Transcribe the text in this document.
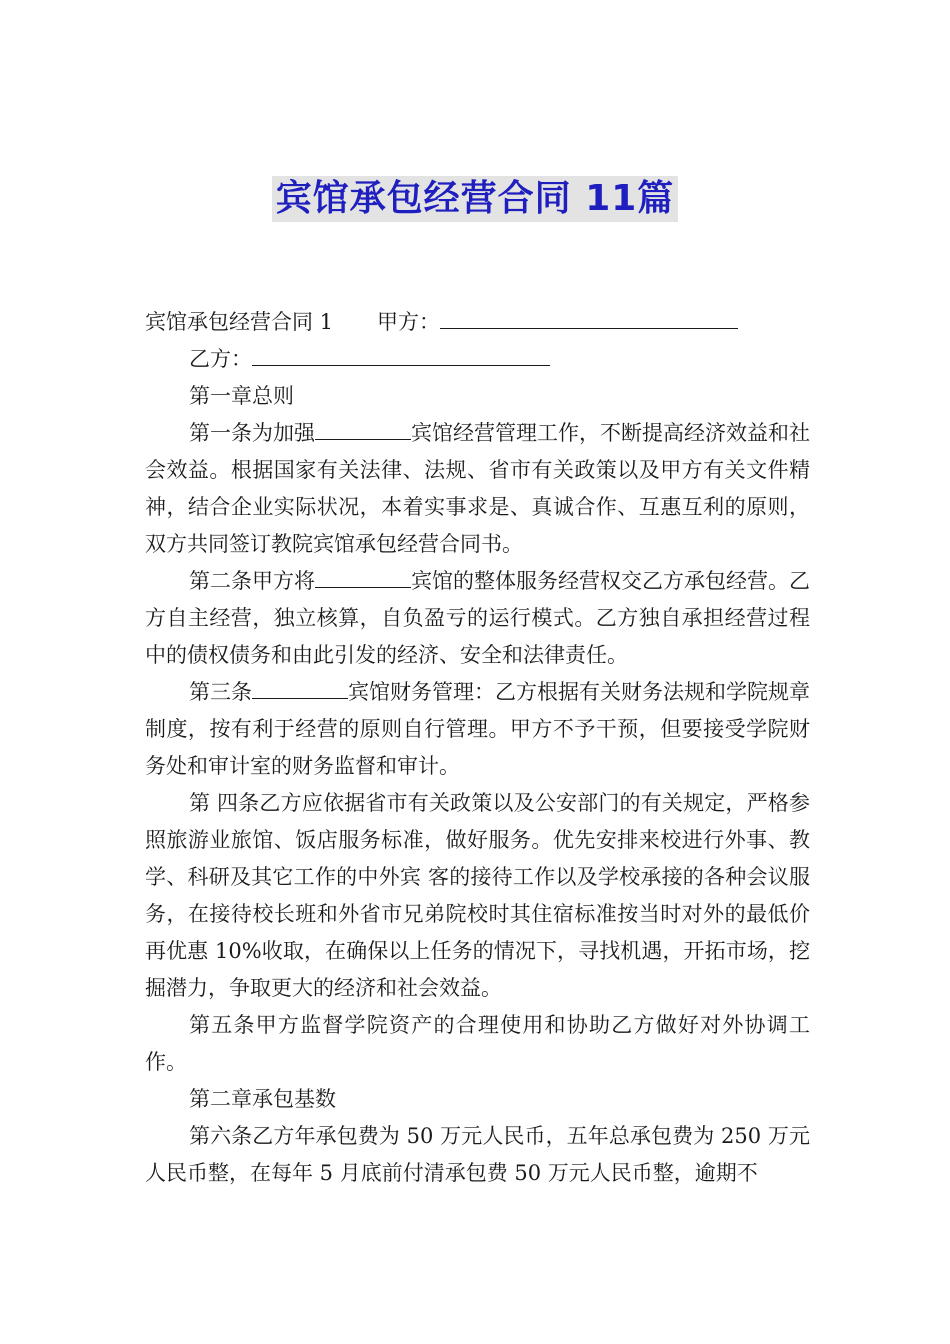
宾馆承包经营合同 11篇

宾馆承包经营合同 1 甲方：

乙方：

第一章总则

第一条为加强	宾馆经营管理工作，不断提高经济效益和社会效益。根据国家有关法律、法规、省市有关政策以及甲方有关文件精神，结合企业实际状况，本着实事求是、真诚合作、互惠互利的原则，双方共同签订教院宾馆承包经营合同书。

第二条甲方将	宾馆的整体服务经营权交乙方承包经营。乙方自主经营，独立核算，自负盈亏的运行模式。乙方独自承担经营过程中的债权债务和由此引发的经济、安全和法律责任。

第三条	宾馆财务管理：乙方根据有关财务法规和学院规章制度，按有利于经营的原则自行管理。甲方不予干预，但要接受学院财务处和审计室的财务监督和审计。

第 四条乙方应依据省市有关政策以及公安部门的有关规定，严格参照旅游业旅馆、饭店服务标准，做好服务。优先安排来校进行外事、教学、科研及其它工作的中外宾 客的接待工作以及学校承接的各种会议服务，在接待校长班和外省市兄弟院校时其住宿标准按当时对外的最低价再优惠 10%收取，在确保以上任务的情况下，寻找机遇，开拓市场，挖掘潜力，争取更大的经济和社会效益。

第五条甲方监督学院资产的合理使用和协助乙方做好对外协调工作。

第二章承包基数

第六条乙方年承包费为 50 万元人民币，五年总承包费为 250 万元人民币整，在每年 5 月底前付清承包费 50 万元人民币整，逾期不
